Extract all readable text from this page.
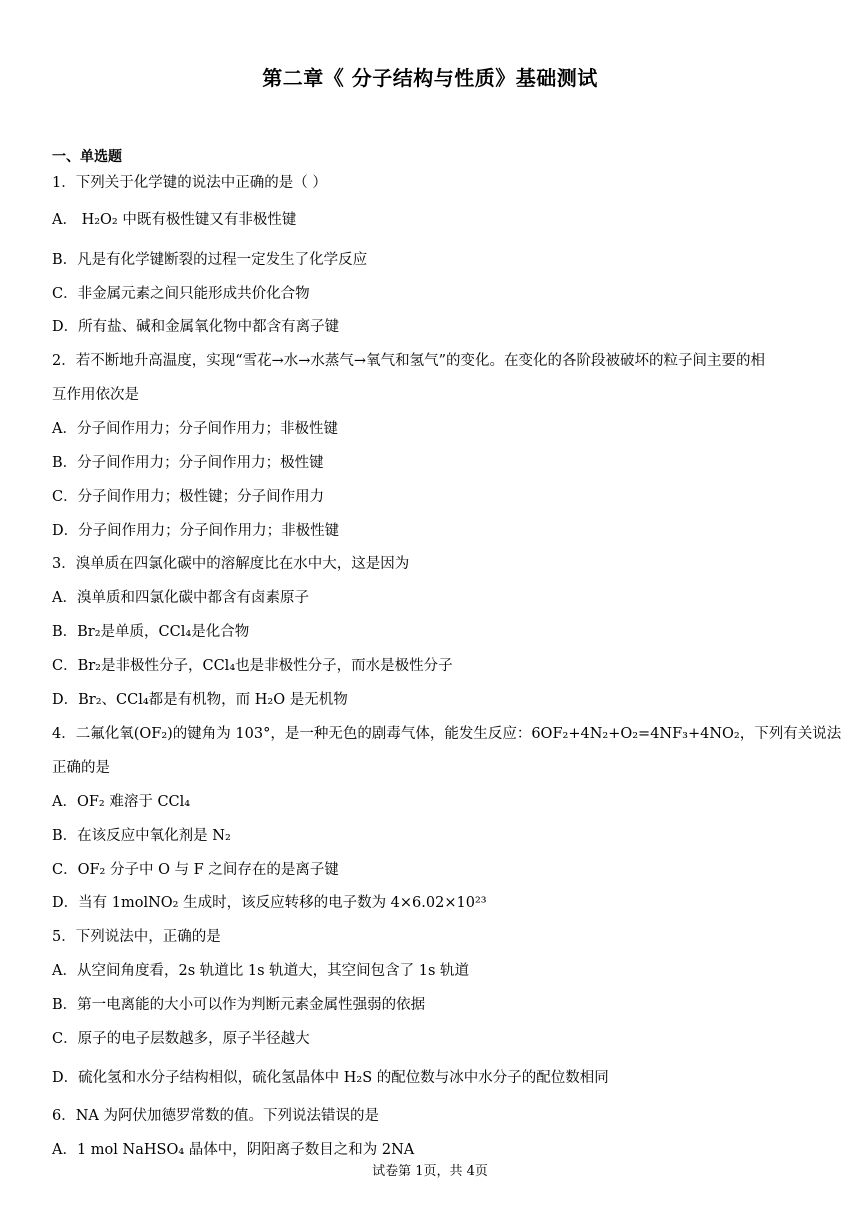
第二章《 分子结构与性质》基础测试
一、单选题
1．下列关于化学键的说法中正确的是（ ）
A． H₂O₂ 中既有极性键又有非极性键
B．凡是有化学键断裂的过程一定发生了化学反应
C．非金属元素之间只能形成共价化合物
D．所有盐、碱和金属氧化物中都含有离子键
2．若不断地升高温度，实现“雪花→水→水蒸气→氧气和氢气”的变化。在变化的各阶段被破坏的粒子间主要的相
互作用依次是
A．分子间作用力；分子间作用力；非极性键
B．分子间作用力；分子间作用力；极性键
C．分子间作用力；极性键；分子间作用力
D．分子间作用力；分子间作用力；非极性键
3．溴单质在四氯化碳中的溶解度比在水中大，这是因为
A．溴单质和四氯化碳中都含有卤素原子
B．Br₂是单质，CCl₄是化合物
C．Br₂是非极性分子，CCl₄也是非极性分子，而水是极性分子
D．Br₂、CCl₄都是有机物，而 H₂O 是无机物
4．二氟化氧(OF₂)的键角为 103°，是一种无色的剧毒气体，能发生反应：6OF₂+4N₂+O₂=4NF₃+4NO₂，下列有关说法
正确的是
A．OF₂ 难溶于 CCl₄
B．在该反应中氧化剂是 N₂
C．OF₂ 分子中 O 与 F 之间存在的是离子键
D．当有 1molNO₂ 生成时，该反应转移的电子数为 4×6.02×10²³
5．下列说法中，正确的是
A．从空间角度看，2s 轨道比 1s 轨道大，其空间包含了 1s 轨道
B．第一电离能的大小可以作为判断元素金属性强弱的依据
C．原子的电子层数越多，原子半径越大
D．硫化氢和水分子结构相似，硫化氢晶体中 H₂S 的配位数与冰中水分子的配位数相同
6．NA 为阿伏加德罗常数的值。下列说法错误的是
A．1 mol NaHSO₄ 晶体中，阴阳离子数目之和为 2NA
试卷第 1页，共 4页
